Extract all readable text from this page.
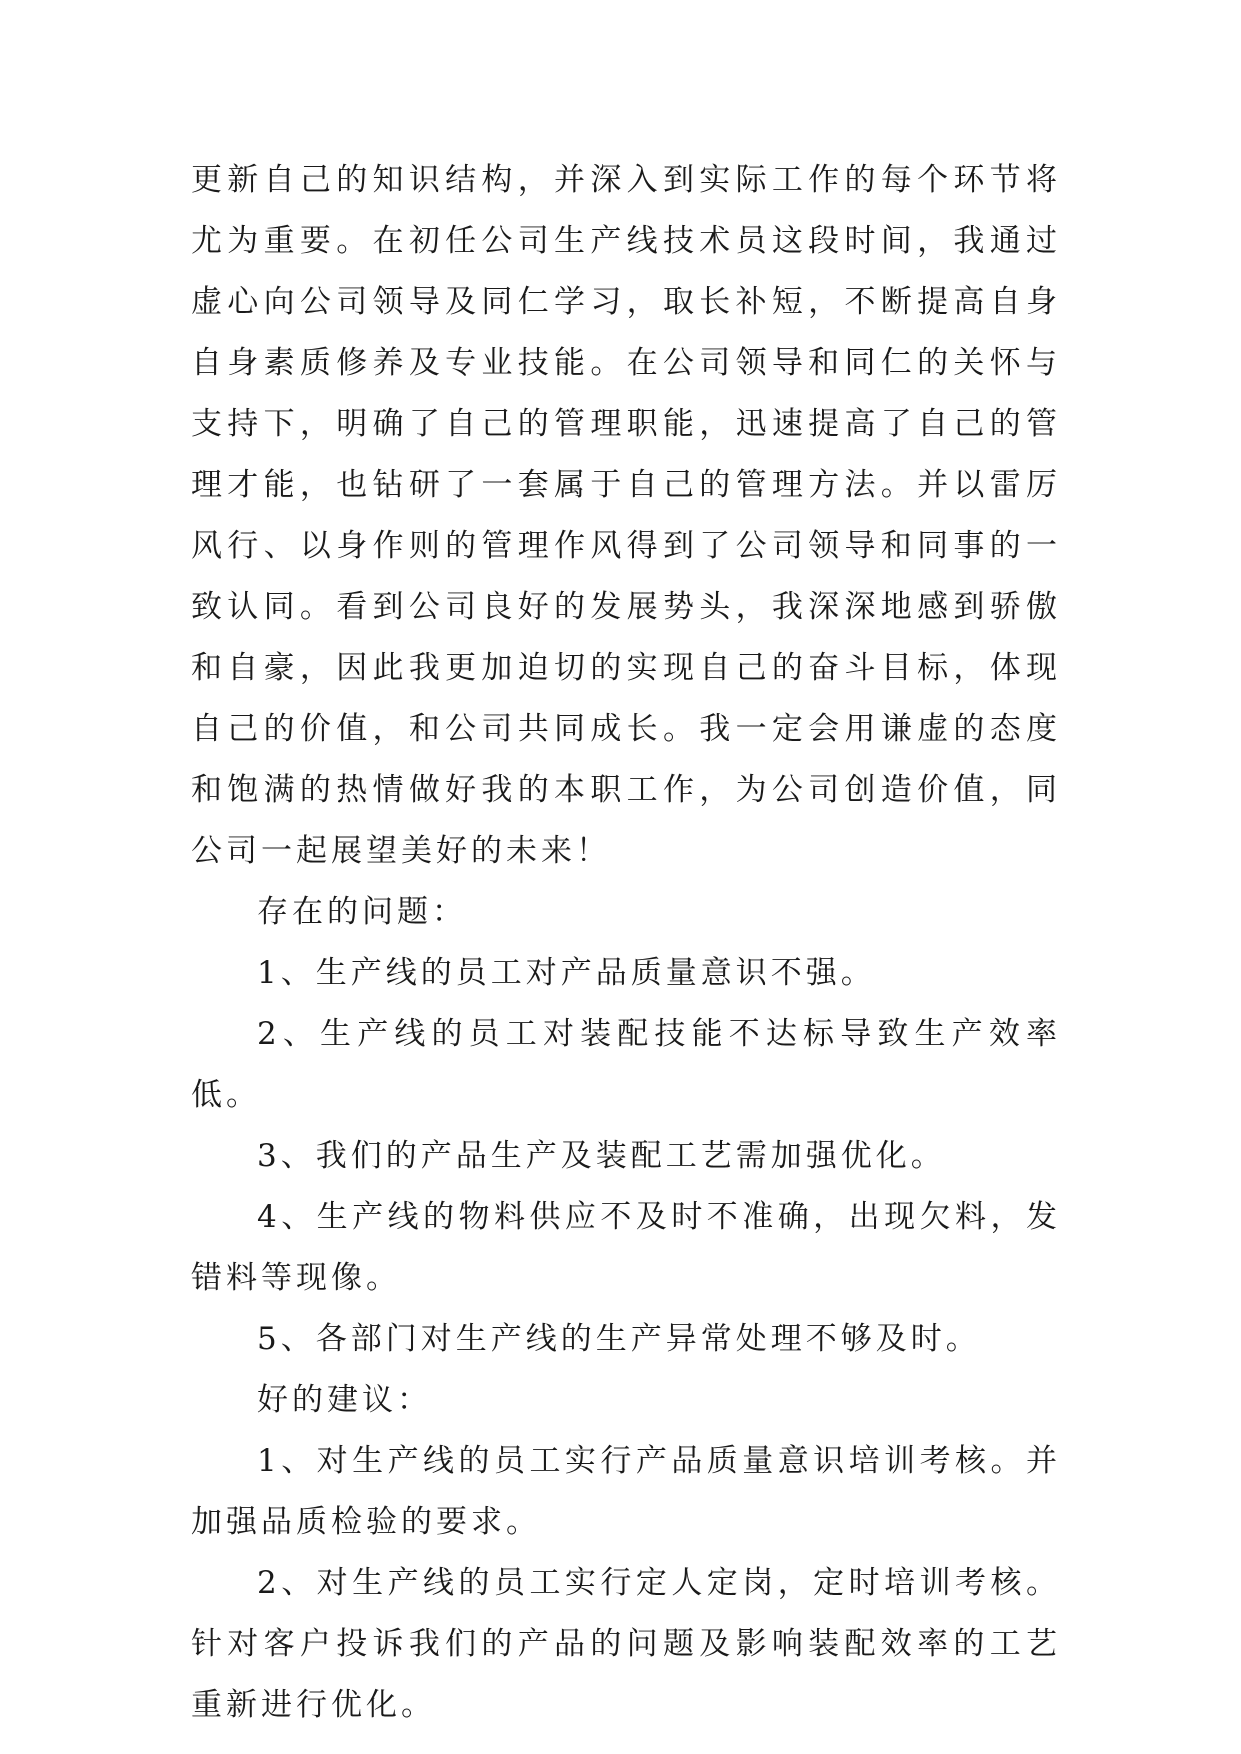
更新自己的知识结构，并深入到实际工作的每个环节将尤为重要。在初任公司生产线技术员这段时间，我通过虚心向公司领导及同仁学习，取长补短，不断提高自身自身素质修养及专业技能。在公司领导和同仁的关怀与支持下，明确了自己的管理职能，迅速提高了自己的管理才能，也钻研了一套属于自己的管理方法。并以雷厉风行、以身作则的管理作风得到了公司领导和同事的一致认同。看到公司良好的发展势头，我深深地感到骄傲和自豪，因此我更加迫切的实现自己的奋斗目标，体现自己的价值，和公司共同成长。我一定会用谦虚的态度和饱满的热情做好我的本职工作，为公司创造价值，同公司一起展望美好的未来！

存在的问题：

1、生产线的员工对产品质量意识不强。

2、生产线的员工对装配技能不达标导致生产效率低。

3、我们的产品生产及装配工艺需加强优化。

4、生产线的物料供应不及时不准确，出现欠料，发错料等现像。

5、各部门对生产线的生产异常处理不够及时。

好的建议：

1、对生产线的员工实行产品质量意识培训考核。并加强品质检验的要求。

2、对生产线的员工实行定人定岗，定时培训考核。针对客户投诉我们的产品的问题及影响装配效率的工艺重新进行优化。
